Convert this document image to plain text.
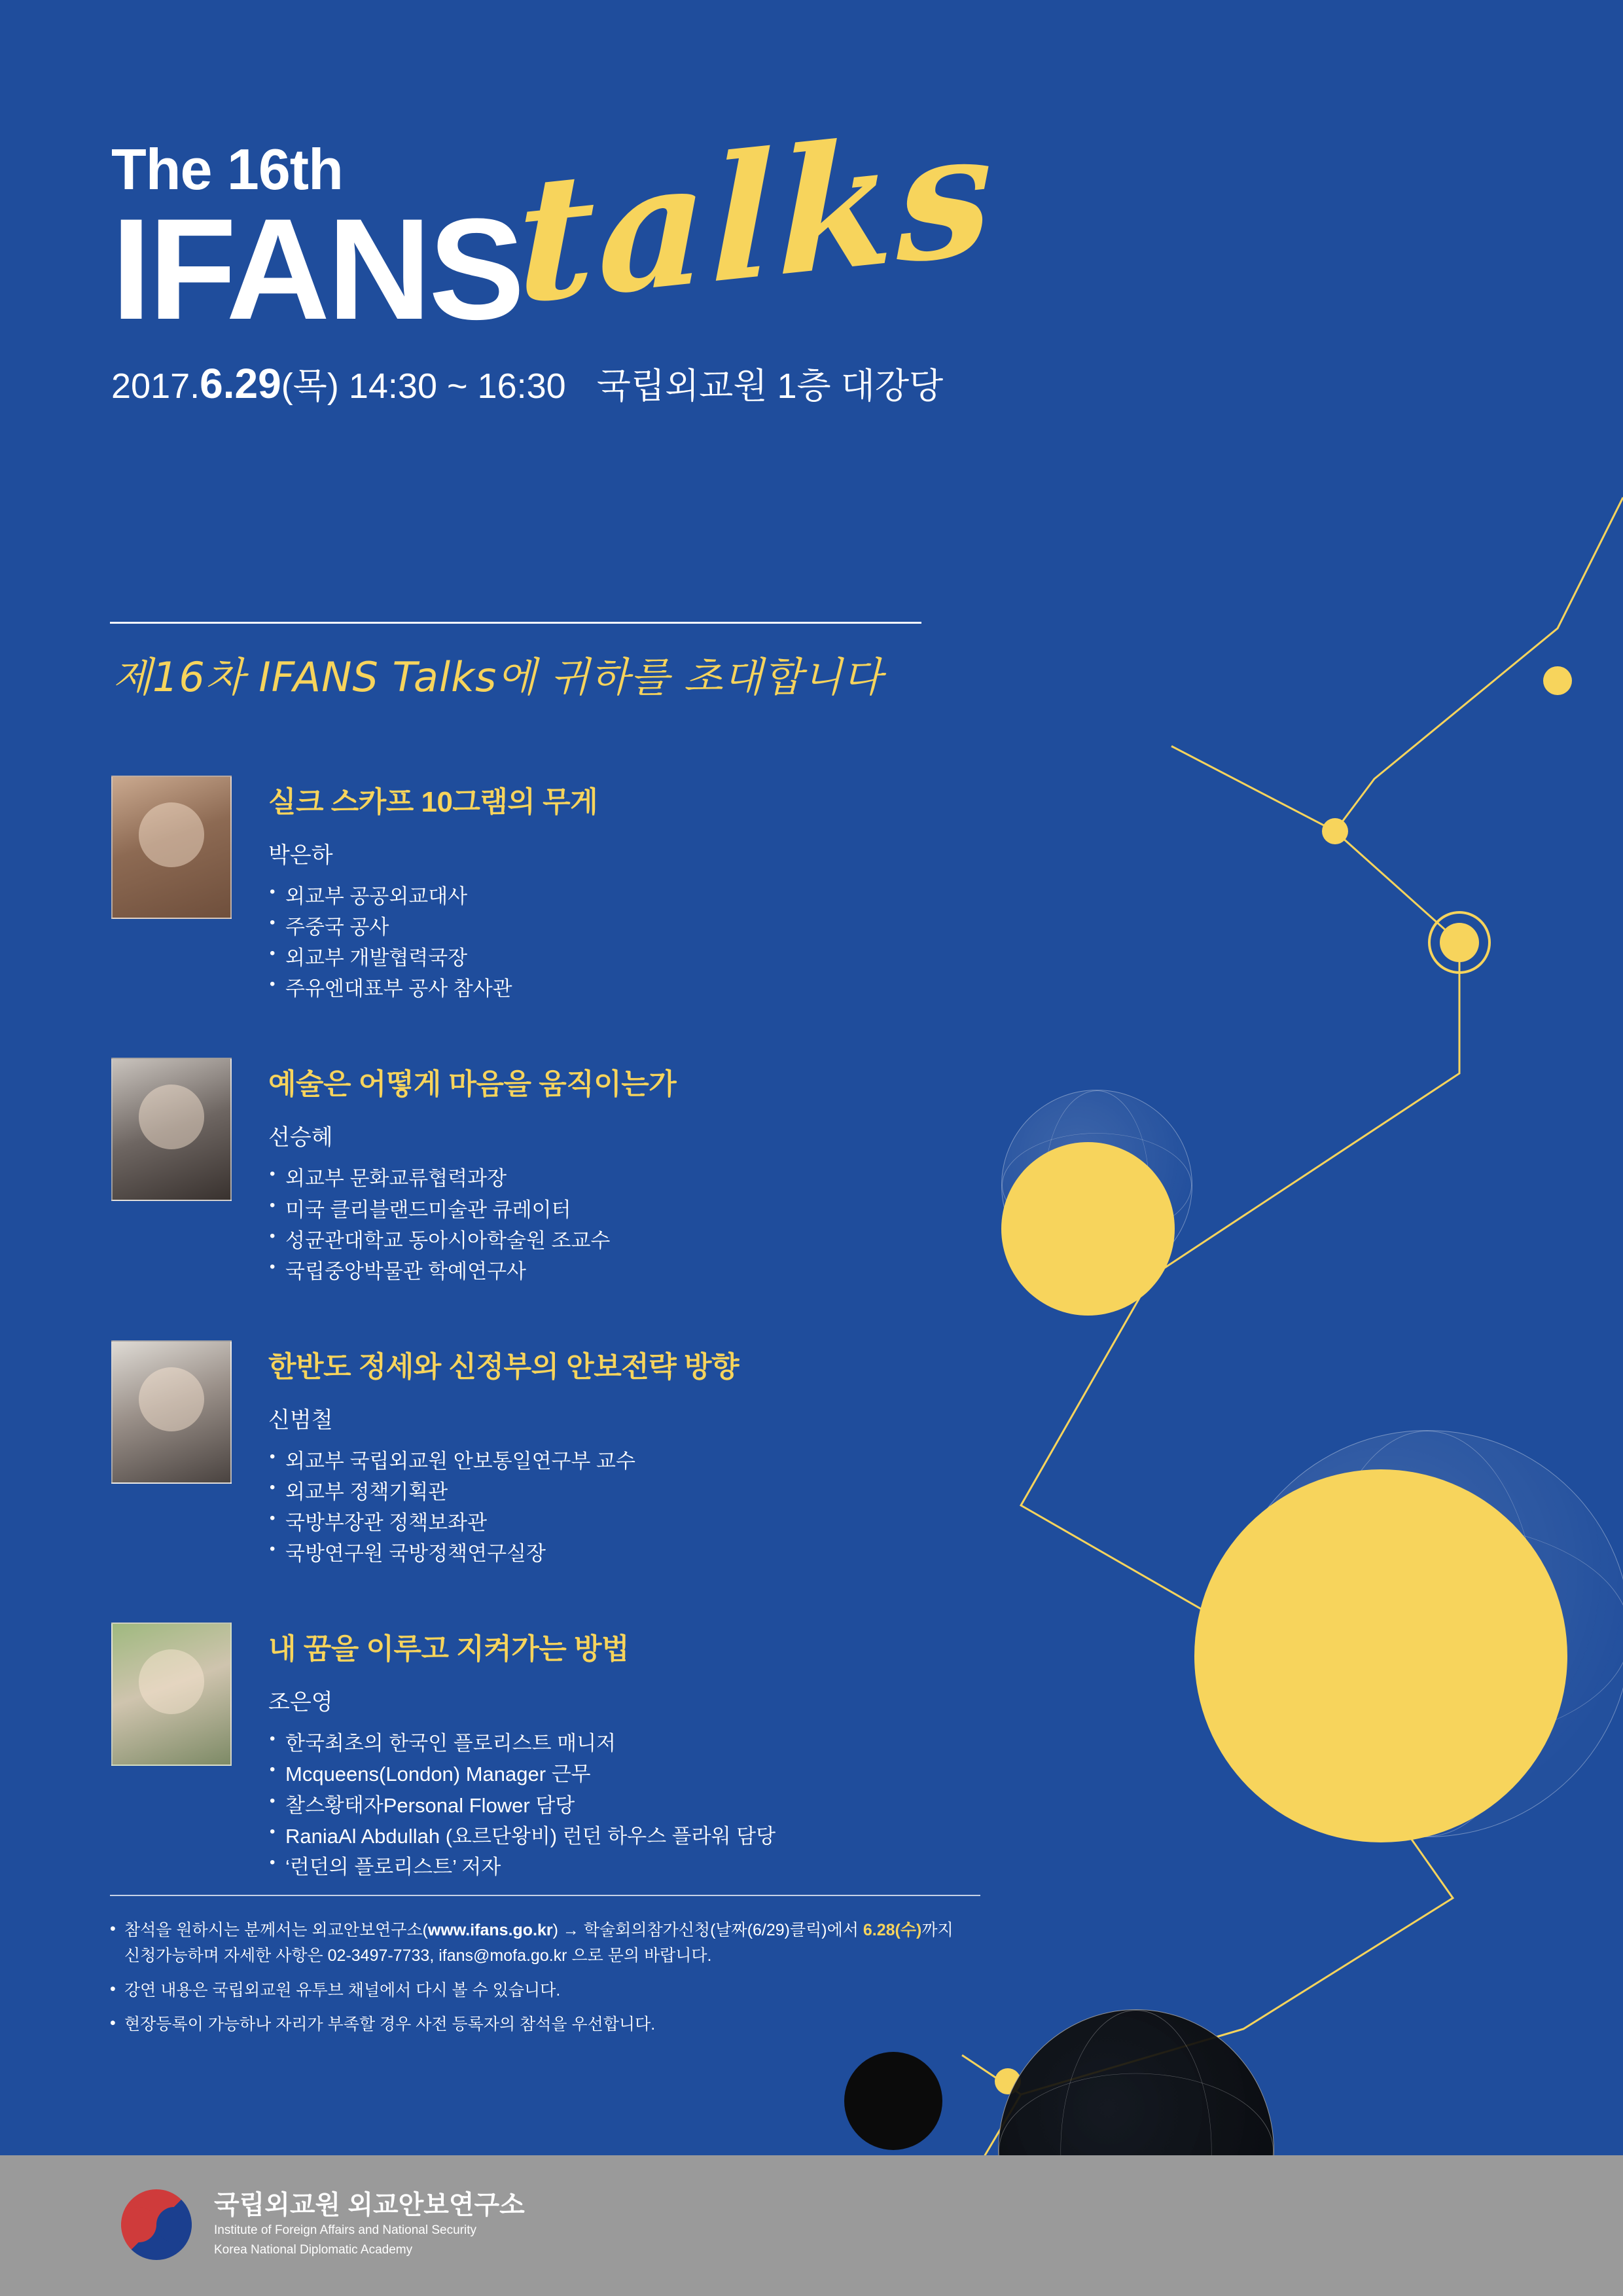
The 16th
IFANS
talks
2017.6.29(목) 14:30 ~ 16:30 국립외교원 1층 대강당
제16차 IFANS Talks에 귀하를 초대합니다
실크 스카프 10그램의 무게
박은하
• 외교부 공공외교대사
• 주중국 공사
• 외교부 개발협력국장
• 주유엔대표부 공사 참사관
예술은 어떻게 마음을 움직이는가
선승혜
• 외교부 문화교류협력과장
• 미국 클리블랜드미술관 큐레이터
• 성균관대학교 동아시아학술원 조교수
• 국립중앙박물관 학예연구사
한반도 정세와 신정부의 안보전략 방향
신범철
• 외교부 국립외교원 안보통일연구부 교수
• 외교부 정책기획관
• 국방부장관 정책보좌관
• 국방연구원 국방정책연구실장
내 꿈을 이루고 지켜가는 방법
조은영
• 한국최초의 한국인 플로리스트 매니저
• Mcqueens(London) Manager 근무
• 찰스황태자Personal Flower 담당
• RaniaAl Abdullah (요르단왕비) 런던 하우스 플라워 담당
• ‘런던의 플로리스트’ 저자
• 참석을 원하시는 분께서는 외교안보연구소(www.ifans.go.kr) → 학술회의참가신청(날짜(6/29)클릭)에서 6.28(수)까지
신청가능하며 자세한 사항은 02-3497-7733, ifans@mofa.go.kr 으로 문의 바랍니다.
• 강연 내용은 국립외교원 유투브 채널에서 다시 볼 수 있습니다.
• 현장등록이 가능하나 자리가 부족할 경우 사전 등록자의 참석을 우선합니다.
국립외교원 외교안보연구소
Institute of Foreign Affairs and National Security
Korea National Diplomatic Academy
